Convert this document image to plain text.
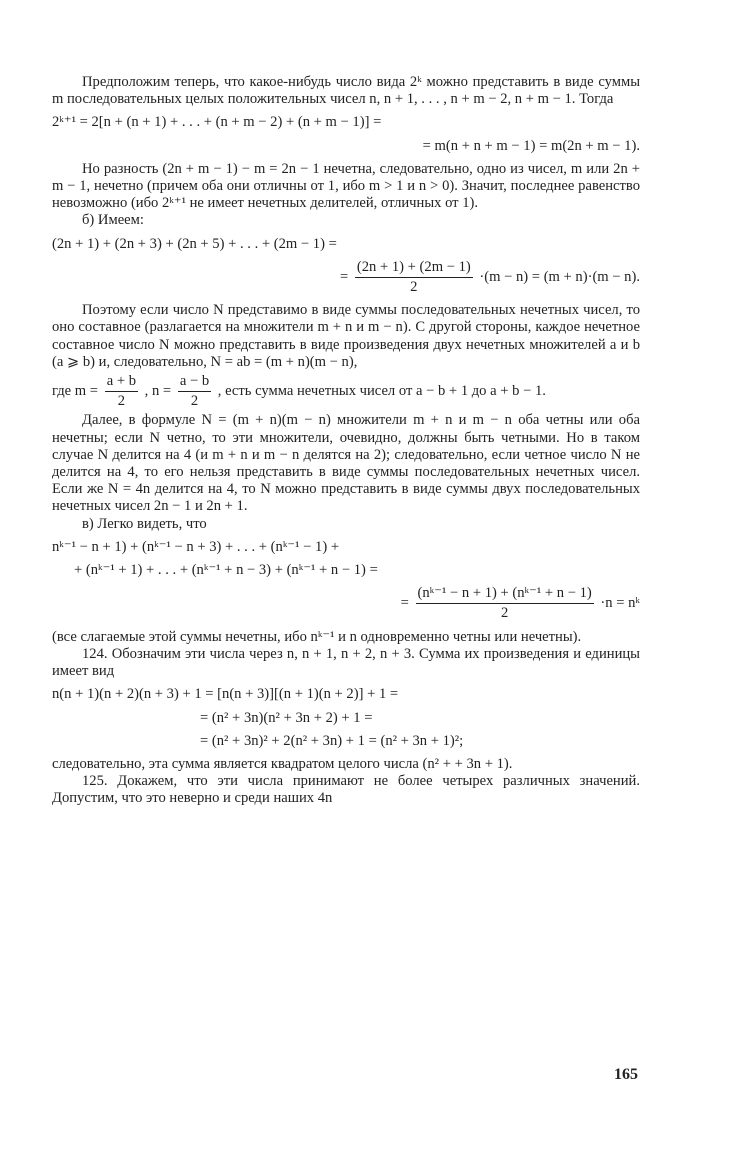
Предположим теперь, что какое-нибудь число вида 2ᵏ можно представить в виде суммы m последовательных целых положительных чисел n, n + 1, . . . , n + m − 2, n + m − 1. Тогда

2ᵏ⁺¹ = 2[n + (n + 1) + . . . + (n + m − 2) + (n + m − 1)] =
= m(n + n + m − 1) = m(2n + m − 1).

Но разность (2n + m − 1) − m = 2n − 1 нечетна, следовательно, одно из чисел, m или 2n + m − 1, нечетно (причем оба они отличны от 1, ибо m > 1 и n > 0). Значит, последнее равенство невозможно (ибо 2ᵏ⁺¹ не имеет нечетных делителей, отличных от 1).

б) Имеем:

(2n + 1) + (2n + 3) + (2n + 5) + . . . + (2m − 1) =
= $\frac{(2n + 1) + (2m - 1)}{2} \cdot(m - n) = (m + n)\cdot(m - n)$.

Поэтому если число N представимо в виде суммы последовательных нечетных чисел, то оно составное (разлагается на множители m + n и m − n). С другой стороны, каждое нечетное составное число N можно представить в виде произведения двух нечетных множителей a и b (a ⩾ b) и, следовательно, N = ab = (m + n)(m − n),

где $m = \frac{a + b}{2}$ , $n = \frac{a - b}{2}$ , есть сумма нечетных чисел от a − b + 1 до a + b − 1.

Далее, в формуле N = (m + n)(m − n) множители m + n и m − n оба четны или оба нечетны; если N четно, то эти множители, очевидно, должны быть четными. Но в таком случае N делится на 4 (и m + n и m − n делятся на 2); следовательно, если четное число N не делится на 4, то его нельзя представить в виде суммы последовательных нечетных чисел. Если же N = 4n делится на 4, то N можно представить в виде суммы двух последовательных нечетных чисел 2n − 1 и 2n + 1.

в) Легко видеть, что

nᵏ⁻¹ − n + 1) + (nᵏ⁻¹ − n + 3) + . . . + (nᵏ⁻¹ − 1) +
+ (nᵏ⁻¹ + 1) + . . . + (nᵏ⁻¹ + n − 3) + (nᵏ⁻¹ + n − 1) =
= $\frac{\text{(nᵏ⁻¹ − n + 1) + (nᵏ⁻¹ + n − 1)}}{2} \cdot n$ = nᵏ

(все слагаемые этой суммы нечетны, ибо nᵏ⁻¹ и n одновременно четны или нечетны).

124. Обозначим эти числа через n, n + 1, n + 2, n + 3. Сумма их произведения и единицы имеет вид

n(n + 1)(n + 2)(n + 3) + 1 = [n(n + 3)][(n + 1)(n + 2)] + 1 =
= (n² + 3n)(n² + 3n + 2) + 1 =
= (n² + 3n)² + 2(n² + 3n) + 1 = (n² + 3n + 1)²;

следовательно, эта сумма является квадратом целого числа (n² + + 3n + 1).

125. Докажем, что эти числа принимают не более четырех различных значений. Допустим, что это неверно и среди наших 4n

165
